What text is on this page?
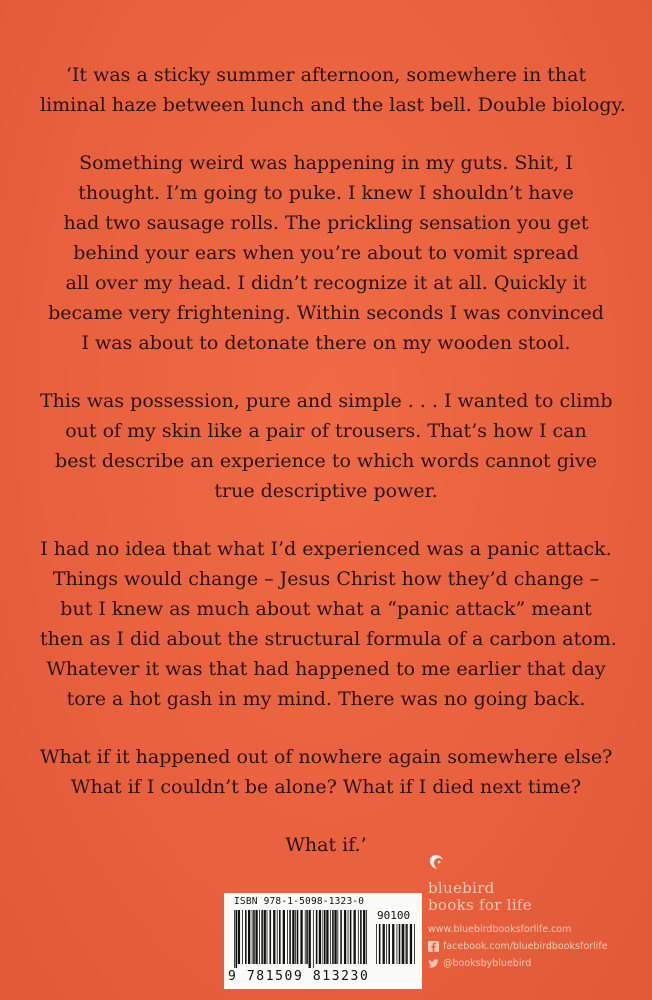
‘It was a sticky summer afternoon, somewhere in that
liminal haze between lunch and the last bell. Double biology.

Something weird was happening in my guts. Shit, I
thought. I’m going to puke. I knew I shouldn’t have
had two sausage rolls. The prickling sensation you get
behind your ears when you’re about to vomit spread
all over my head. I didn’t recognize it at all. Quickly it
became very frightening. Within seconds I was convinced
I was about to detonate there on my wooden stool.

This was possession, pure and simple . . . I wanted to climb
out of my skin like a pair of trousers. That’s how I can
best describe an experience to which words cannot give
true descriptive power.

I had no idea that what I’d experienced was a panic attack.
Things would change – Jesus Christ how they’d change –
but I knew as much about what a “panic attack” meant
then as I did about the structural formula of a carbon atom.
Whatever it was that had happened to me earlier that day
tore a hot gash in my mind. There was no going back.

What if it happened out of nowhere again somewhere else?
What if I couldn’t be alone? What if I died next time?

What if.’

ISBN 978-1-5098-1323-0
90100
9 781509 813230
bluebird
books for life
www.bluebirdbooksforlife.com
facebook.com/bluebirdbooksforlife
@booksbybluebird
